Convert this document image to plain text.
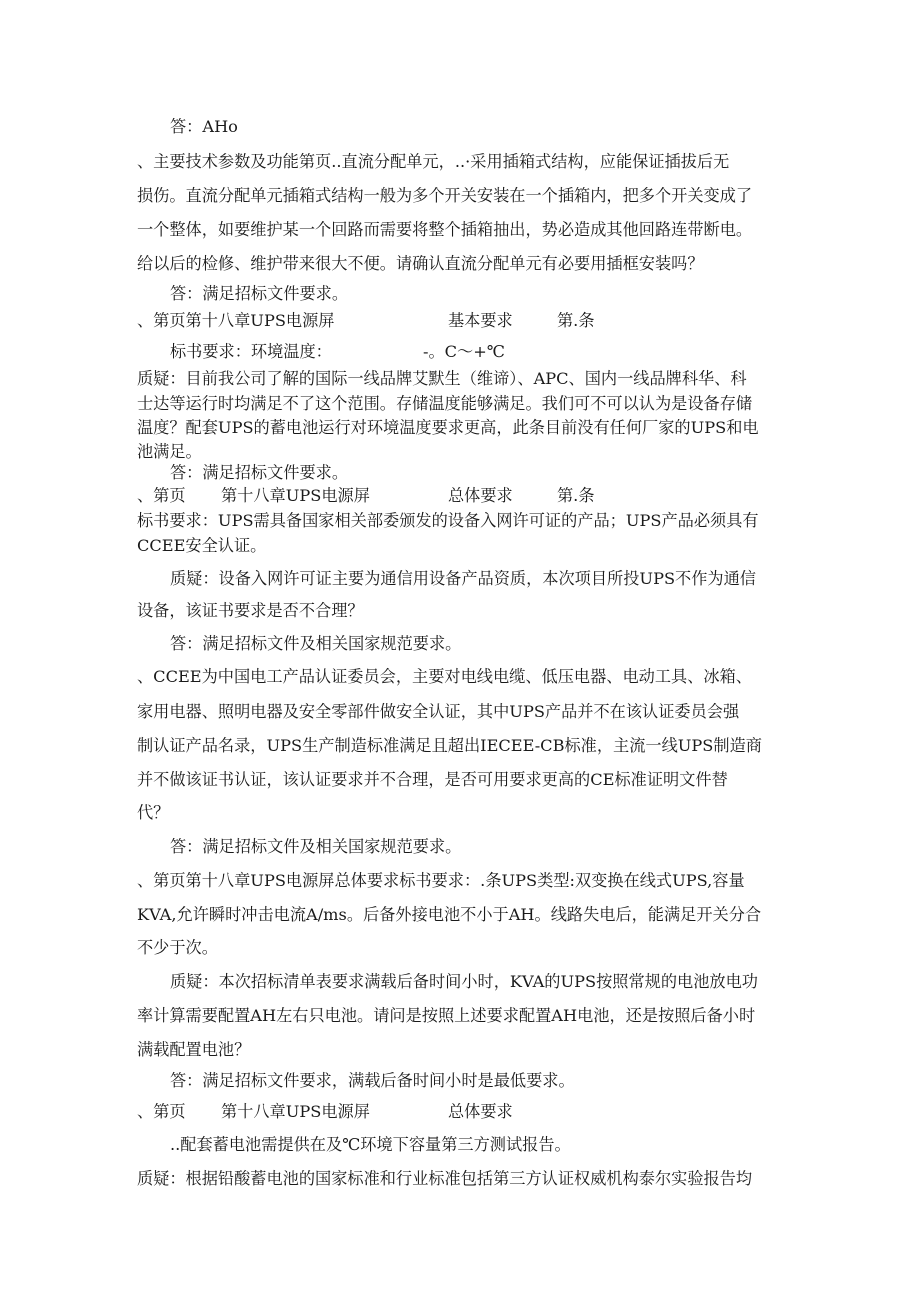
答：AHo
、主要技术参数及功能第页..直流分配单元，..·采用插箱式结构，应能保证插拔后无
损伤。直流分配单元插箱式结构一般为多个开关安装在一个插箱内，把多个开关变成了
一个整体，如要维护某一个回路而需要将整个插箱抽出，势必造成其他回路连带断电。
给以后的检修、维护带来很大不便。请确认直流分配单元有必要用插框安装吗？
答：满足招标文件要求。
、第页第十八章UPS电源屏	基本要求	第.条
标书要求：环境温度：	-。C～+℃
质疑：目前我公司了解的国际一线品牌艾默生（维谛）、APC、国内一线品牌科华、科
士达等运行时均满足不了这个范围。存储温度能够满足。我们可不可以认为是设备存储
温度？配套UPS的蓄电池运行对环境温度要求更高，此条目前没有任何厂家的UPS和电
池满足。
答：满足招标文件要求。
、第页 第十八章UPS电源屏	总体要求	第.条
标书要求：UPS需具备国家相关部委颁发的设备入网许可证的产品；UPS产品必须具有
CCEE安全认证。
质疑：设备入网许可证主要为通信用设备产品资质，本次项目所投UPS不作为通信
设备，该证书要求是否不合理？
答：满足招标文件及相关国家规范要求。
、CCEE为中国电工产品认证委员会，主要对电线电缆、低压电器、电动工具、冰箱、
家用电器、照明电器及安全零部件做安全认证，其中UPS产品并不在该认证委员会强
制认证产品名录，UPS生产制造标准满足且超出IECEE-CB标准，主流一线UPS制造商
并不做该证书认证，该认证要求并不合理，是否可用要求更高的CE标准证明文件替
代？
答：满足招标文件及相关国家规范要求。
、第页第十八章UPS电源屏总体要求标书要求：.条UPS类型:双变换在线式UPS,容量
KVA,允许瞬时冲击电流A/ms。后备外接电池不小于AH。线路失电后，能满足开关分合
不少于次。
质疑：本次招标清单表要求满载后备时间小时，KVA的UPS按照常规的电池放电功
率计算需要配置AH左右只电池。请问是按照上述要求配置AH电池，还是按照后备小时
满载配置电池？
答：满足招标文件要求，满载后备时间小时是最低要求。
、第页 第十八章UPS电源屏	总体要求
..配套蓄电池需提供在及℃环境下容量第三方测试报告。
质疑：根据铅酸蓄电池的国家标准和行业标准包括第三方认证权威机构泰尔实验报告均
